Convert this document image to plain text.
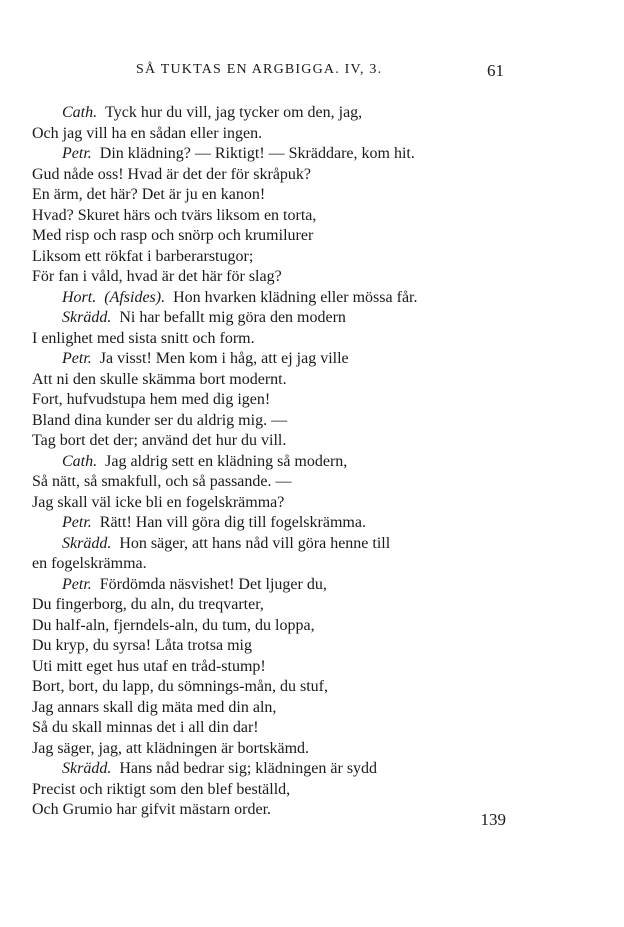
SÅ TUKTAS EN ARGBIGGA. IV, 3.	61
Cath.  Tyck hur du vill, jag tycker om den, jag,
Och jag vill ha en sådan eller ingen.
Petr.  Din klädning? — Riktigt! — Skräddare, kom hit.
Gud nåde oss! Hvad är det der för skråpuk?
En ärm, det här? Det är ju en kanon!
Hvad? Skuret härs och tvärs liksom en torta,
Med risp och rasp och snörp och krumilurer
Liksom ett rökfat i barberarstugor;
För fan i våld, hvad är det här för slag?
Hort.  (Afsides).  Hon hvarken klädning eller mössa får.
Skrädd.  Ni har befallt mig göra den modern
I enlighet med sista snitt och form.
Petr.  Ja visst! Men kom i håg, att ej jag ville
Att ni den skulle skämma bort modernt.
Fort, hufvudstupa hem med dig igen!
Bland dina kunder ser du aldrig mig. —
Tag bort det der; använd det hur du vill.
Cath.  Jag aldrig sett en klädning så modern,
Så nätt, så smakfull, och så passande. —
Jag skall väl icke bli en fogelskrämma?
Petr.  Rätt! Han vill göra dig till fogelskrämma.
Skrädd.  Hon säger, att hans nåd vill göra henne till
en fogelskrämma.
Petr.  Fördömda näsvishet! Det ljuger du,
Du fingerborg, du aln, du treqvarter,
Du half-aln, fjerndels-aln, du tum, du loppa,
Du kryp, du syrsa! Låta trotsa mig
Uti mitt eget hus utaf en tråd-stump!
Bort, bort, du lapp, du sömnings-mån, du stuf,
Jag annars skall dig mäta med din aln,
Så du skall minnas det i all din dar!
Jag säger, jag, att klädningen är bortskämd.
Skrädd.  Hans nåd bedrar sig; klädningen är sydd
Precist och riktigt som den blef beställd,
Och Grumio har gifvit mästarn order.
139
